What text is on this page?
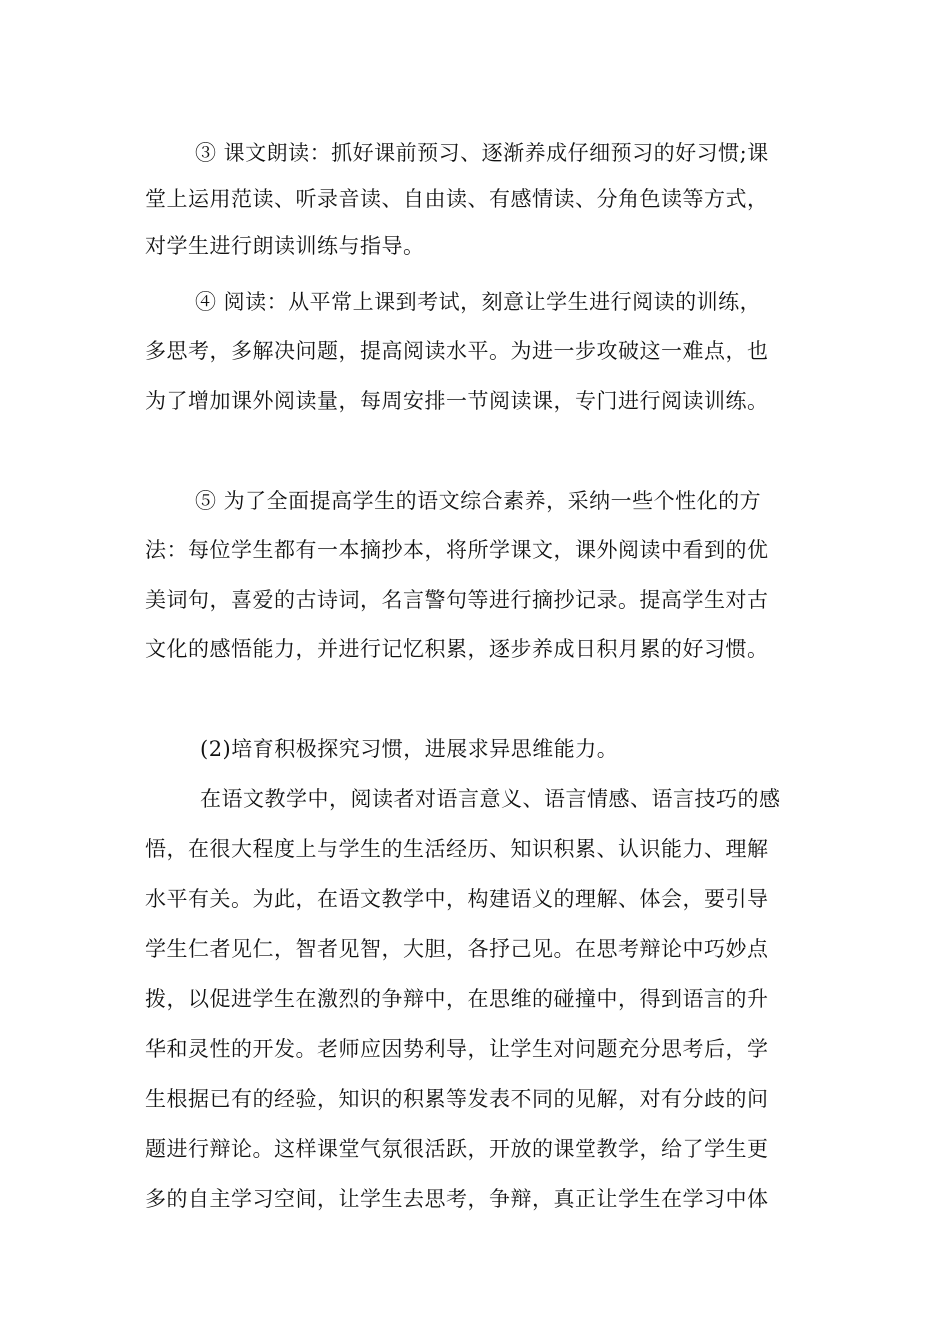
③ 课文朗读：抓好课前预习、逐渐养成仔细预习的好习惯;课
堂上运用范读、听录音读、自由读、有感情读、分角色读等方式，
对学生进行朗读训练与指导。
④ 阅读：从平常上课到考试，刻意让学生进行阅读的训练，
多思考，多解决问题，提高阅读水平。为进一步攻破这一难点，也
为了增加课外阅读量，每周安排一节阅读课，专门进行阅读训练。
⑤ 为了全面提高学生的语文综合素养，采纳一些个性化的方
法：每位学生都有一本摘抄本，将所学课文，课外阅读中看到的优
美词句，喜爱的古诗词，名言警句等进行摘抄记录。提高学生对古
文化的感悟能力，并进行记忆积累，逐步养成日积月累的好习惯。
(2)培育积极探究习惯，进展求异思维能力。
在语文教学中，阅读者对语言意义、语言情感、语言技巧的感
悟，在很大程度上与学生的生活经历、知识积累、认识能力、理解
水平有关。为此，在语文教学中，构建语义的理解、体会，要引导
学生仁者见仁，智者见智，大胆，各抒己见。在思考辩论中巧妙点
拨，以促进学生在激烈的争辩中，在思维的碰撞中，得到语言的升
华和灵性的开发。老师应因势利导，让学生对问题充分思考后，学
生根据已有的经验，知识的积累等发表不同的见解，对有分歧的问
题进行辩论。这样课堂气氛很活跃，开放的课堂教学，给了学生更
多的自主学习空间，让学生去思考，争辩，真正让学生在学习中体
